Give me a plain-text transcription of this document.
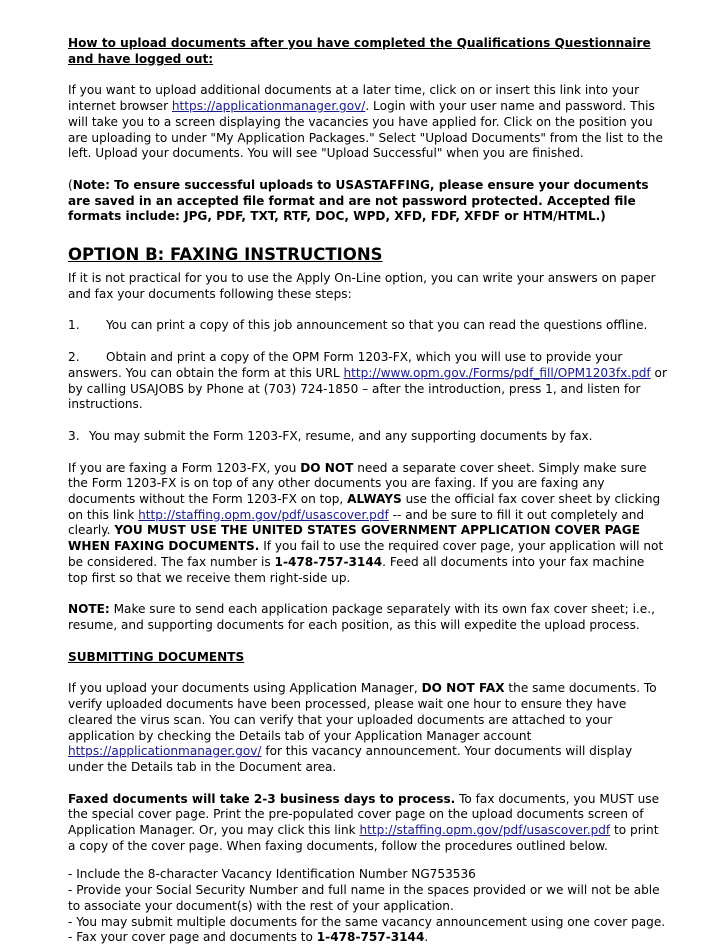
How to upload documents after you have completed the Qualifications Questionnaire and have logged out:

If you want to upload additional documents at a later time, click on or insert this link into your internet browser https://applicationmanager.gov/. Login with your user name and password. This will take you to a screen displaying the vacancies you have applied for. Click on the position you are uploading to under "My Application Packages." Select "Upload Documents" from the list to the left. Upload your documents. You will see "Upload Successful" when you are finished.

(Note: To ensure successful uploads to USASTAFFING, please ensure your documents are saved in an accepted file format and are not password protected. Accepted file formats include: JPG, PDF, TXT, RTF, DOC, WPD, XFD, FDF, XFDF or HTM/HTML.)

OPTION B: FAXING INSTRUCTIONS

If it is not practical for you to use the Apply On-Line option, you can write your answers on paper and fax your documents following these steps:

1. You can print a copy of this job announcement so that you can read the questions offline.

2. Obtain and print a copy of the OPM Form 1203-FX, which you will use to provide your answers. You can obtain the form at this URL http://www.opm.gov./Forms/pdf_fill/OPM1203fx.pdf or by calling USAJOBS by Phone at (703) 724-1850 – after the introduction, press 1, and listen for instructions.

3. You may submit the Form 1203-FX, resume, and any supporting documents by fax.

If you are faxing a Form 1203-FX, you DO NOT need a separate cover sheet. Simply make sure the Form 1203-FX is on top of any other documents you are faxing. If you are faxing any documents without the Form 1203-FX on top, ALWAYS use the official fax cover sheet by clicking on this link http://staffing.opm.gov/pdf/usascover.pdf -- and be sure to fill it out completely and clearly. YOU MUST USE THE UNITED STATES GOVERNMENT APPLICATION COVER PAGE WHEN FAXING DOCUMENTS. If you fail to use the required cover page, your application will not be considered. The fax number is 1-478-757-3144. Feed all documents into your fax machine top first so that we receive them right-side up.

NOTE: Make sure to send each application package separately with its own fax cover sheet; i.e., resume, and supporting documents for each position, as this will expedite the upload process.

SUBMITTING DOCUMENTS

If you upload your documents using Application Manager, DO NOT FAX the same documents. To verify uploaded documents have been processed, please wait one hour to ensure they have cleared the virus scan. You can verify that your uploaded documents are attached to your application by checking the Details tab of your Application Manager account https://applicationmanager.gov/ for this vacancy announcement. Your documents will display under the Details tab in the Document area.

Faxed documents will take 2-3 business days to process. To fax documents, you MUST use the special cover page. Print the pre-populated cover page on the upload documents screen of Application Manager. Or, you may click this link http://staffing.opm.gov/pdf/usascover.pdf to print a copy of the cover page. When faxing documents, follow the procedures outlined below.

- Include the 8-character Vacancy Identification Number NG753536

- Provide your Social Security Number and full name in the spaces provided or we will not be able to associate your document(s) with the rest of your application.

- You may submit multiple documents for the same vacancy announcement using one cover page.

- Fax your cover page and documents to 1-478-757-3144.
